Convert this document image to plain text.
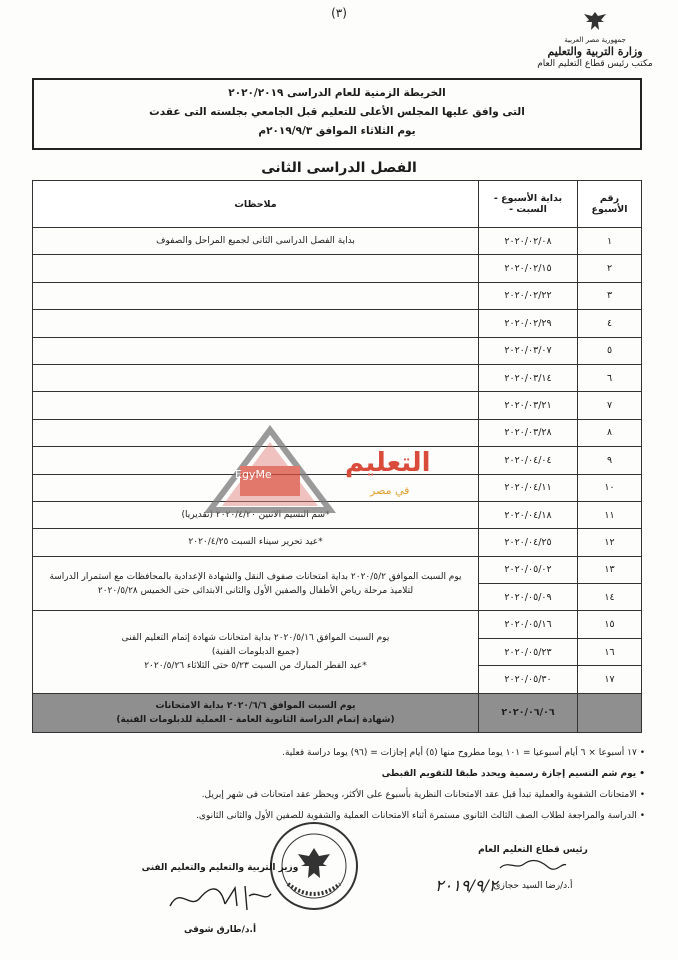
(٣)
جمهورية مصر العربية
وزارة التربية والتعليم
مكتب رئيس قطاع التعليم العام
الخريطة الزمنية للعام الدراسى ٢٠٢٠/٢٠١٩
التى وافق عليها المجلس الأعلى للتعليم قبل الجامعي بجلسته التى عقدت
يوم الثلاثاء الموافق ٢٠١٩/٩/٣م
الفصل الدراسى الثانى
رقم الأسبوع	بداية الأسبوع - السبت -	ملاحظات
١	٢٠٢٠/٠٢/٠٨	بداية الفصل الدراسى الثانى لجميع المراحل والصفوف
٢	٢٠٢٠/٠٢/١٥	
٣	٢٠٢٠/٠٢/٢٢	
٤	٢٠٢٠/٠٢/٢٩	
٥	٢٠٢٠/٠٣/٠٧	
٦	٢٠٢٠/٠٣/١٤	
٧	٢٠٢٠/٠٣/٢١	
٨	٢٠٢٠/٠٣/٢٨	
٩	٢٠٢٠/٠٤/٠٤	
١٠	٢٠٢٠/٠٤/١١	
١١	٢٠٢٠/٠٤/١٨	*شم النسيم الاثنين ٢٠٢٠/٤/٢٠ (تقديريا)
١٢	٢٠٢٠/٠٤/٢٥	*عيد تحرير سيناء السبت ٢٠٢٠/٤/٢٥
١٣	٢٠٢٠/٠٥/٠٢	يوم السبت الموافق ٢٠٢٠/٥/٢ بداية امتحانات صفوف النقل والشهادة الإعدادية بالمحافظات مع استمرار الدراسة لتلاميذ مرحلة رياض الأطفال والصفين الأول والثانى الابتدائى حتى الخميس ٢٠٢٠/٥/٢٨
١٤	٢٠٢٠/٠٥/٠٩	
١٥	٢٠٢٠/٠٥/١٦	يوم السبت الموافق ٢٠٢٠/٥/١٦ بداية امتحانات شهادة إتمام التعليم الفنى
(جميع الدبلومات الفنية)
*عيد الفطر المبارك من السبت ٥/٢٣ حتى الثلاثاء ٢٠٢٠/٥/٢٦

١٦	٢٠٢٠/٠٥/٢٣	
١٧	٢٠٢٠/٠٥/٣٠	
	٢٠٢٠/٠٦/٠٦	يوم السبت الموافق ٢٠٢٠/٦/٦ بداية الامتحانات
(شهادة إتمام الدراسة الثانوية العامة - العملية للدبلومات الفنية)
• ١٧ أسبوعا × ٦ أيام أسبوعيا = ١٠١ يوما مطروح منها (٥) أيام إجازات = (٩٦) يوما دراسة فعلية.
• يوم شم النسيم إجازة رسمية ويحدد طبقا للتقويم القبطى
• الامتحانات الشفوية والعملية تبدأ قبل عقد الامتحانات النظرية بأسبوع على الأكثر، ويحظر عقد امتحانات فى شهر إبريل.
• الدراسة والمراجعة لطلاب الصف الثالث الثانوى مستمرة أثناء الامتحانات العملية والشفوية للصفين الأول والثانى الثانوى.
رئيس قطاع التعليم العام
أ.د/رضا السيد حجازى
٢٠١٩/٩/٢
وزير التربية والتعليم والتعليم الفنى
أ.د/طارق شوقى
EgyMe	التعليم
في مصر
